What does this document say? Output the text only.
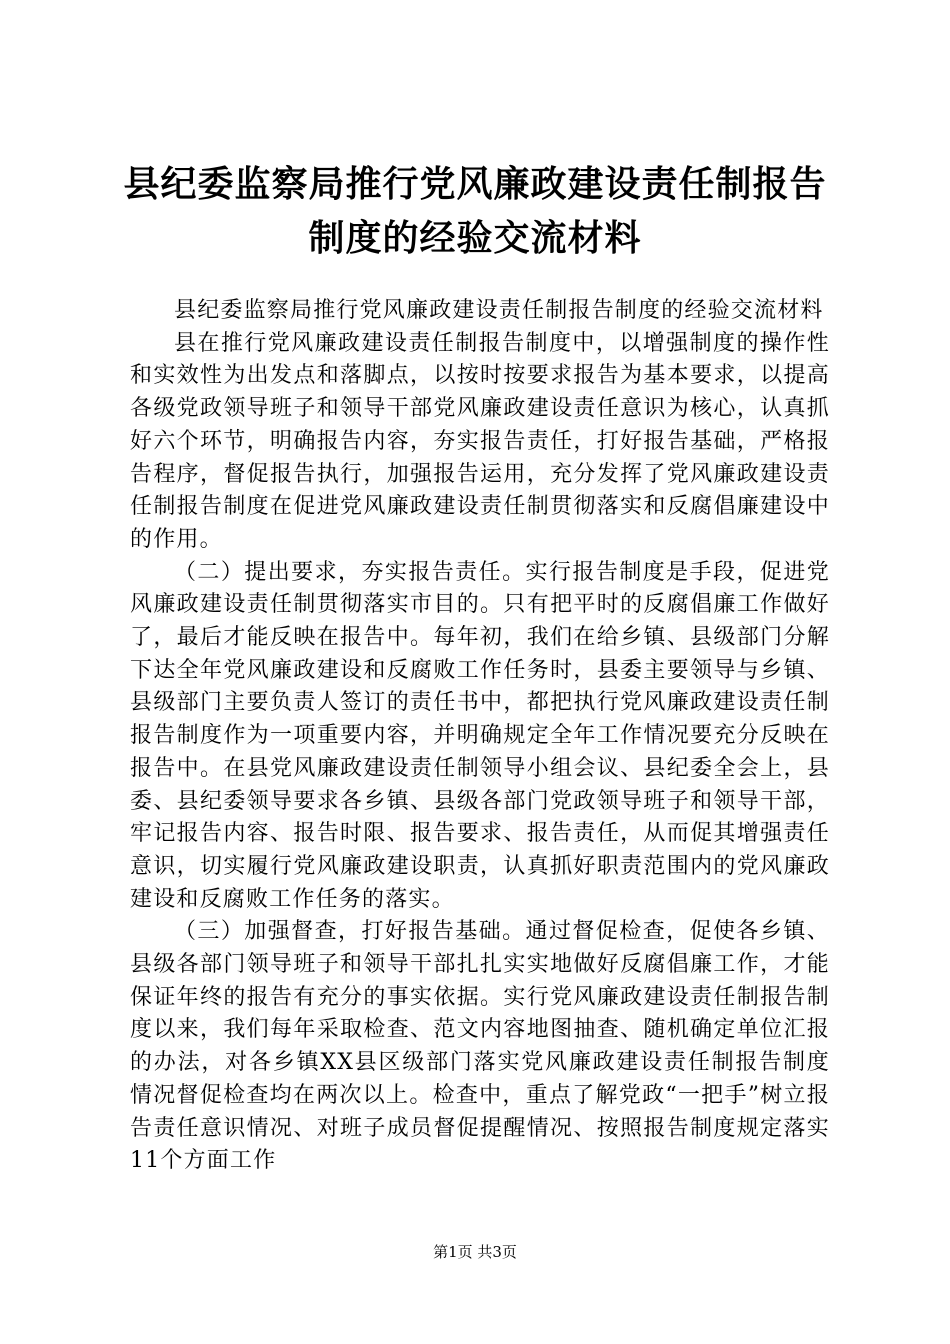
县纪委监察局推行党风廉政建设责任制报告制度的经验交流材料

县纪委监察局推行党风廉政建设责任制报告制度的经验交流材料

县在推行党风廉政建设责任制报告制度中，以增强制度的操作性和实效性为出发点和落脚点，以按时按要求报告为基本要求，以提高各级党政领导班子和领导干部党风廉政建设责任意识为核心，认真抓好六个环节，明确报告内容，夯实报告责任，打好报告基础，严格报告程序，督促报告执行，加强报告运用，充分发挥了党风廉政建设责任制报告制度在促进党风廉政建设责任制贯彻落实和反腐倡廉建设中的作用。

（二）提出要求，夯实报告责任。实行报告制度是手段，促进党风廉政建设责任制贯彻落实市目的。只有把平时的反腐倡廉工作做好了，最后才能反映在报告中。每年初，我们在给乡镇、县级部门分解下达全年党风廉政建设和反腐败工作任务时，县委主要领导与乡镇、县级部门主要负责人签订的责任书中，都把执行党风廉政建设责任制报告制度作为一项重要内容，并明确规定全年工作情况要充分反映在报告中。在县党风廉政建设责任制领导小组会议、县纪委全会上，县委、县纪委领导要求各乡镇、县级各部门党政领导班子和领导干部，牢记报告内容、报告时限、报告要求、报告责任，从而促其增强责任意识，切实履行党风廉政建设职责，认真抓好职责范围内的党风廉政建设和反腐败工作任务的落实。

（三）加强督查，打好报告基础。通过督促检查，促使各乡镇、县级各部门领导班子和领导干部扎扎实实地做好反腐倡廉工作，才能保证年终的报告有充分的事实依据。实行党风廉政建设责任制报告制度以来，我们每年采取检查、范文内容地图抽查、随机确定单位汇报的办法，对各乡镇XX县区级部门落实党风廉政建设责任制报告制度情况督促检查均在两次以上。检查中，重点了解党政“一把手”树立报告责任意识情况、对班子成员督促提醒情况、按照报告制度规定落实11个方面工作

第1页 共3页
